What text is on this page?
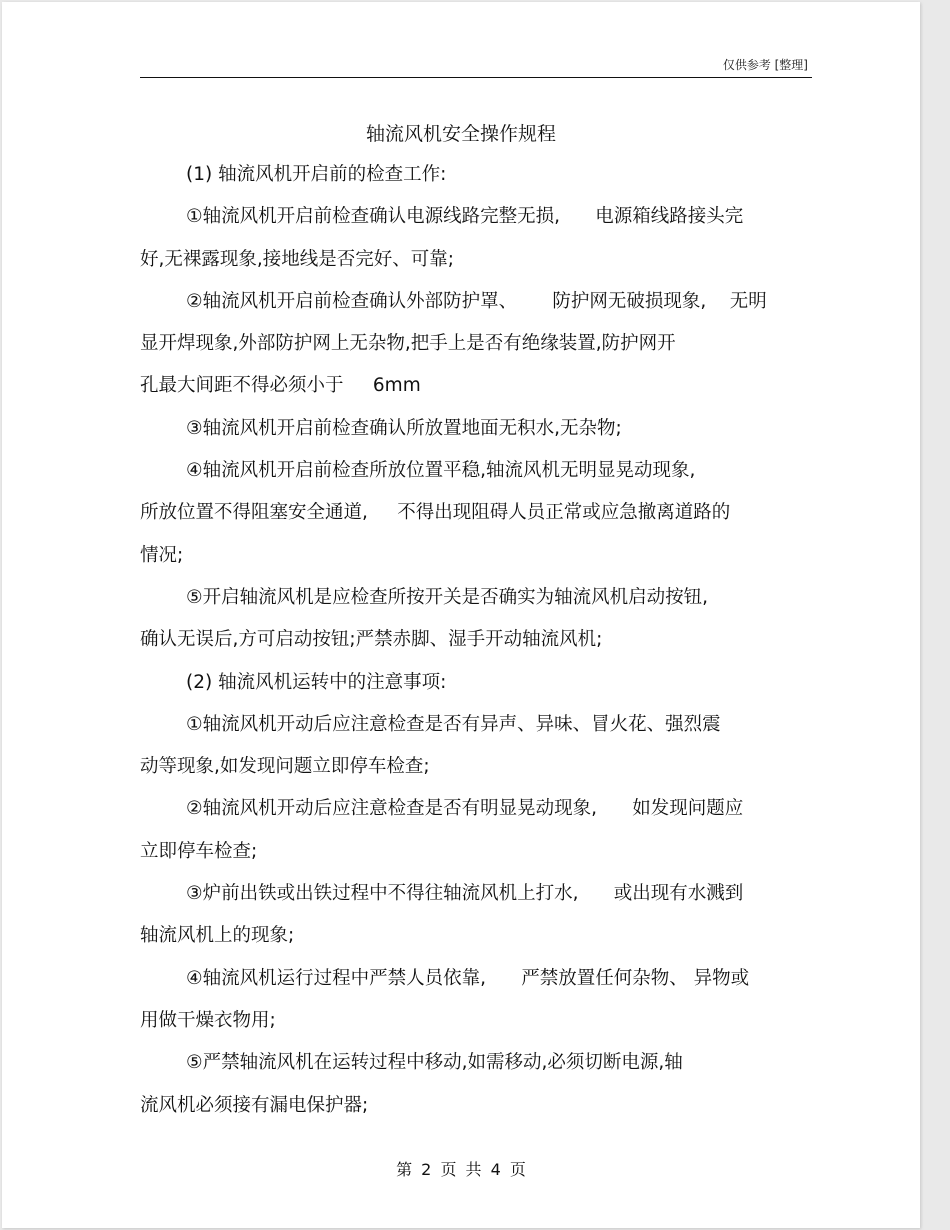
仅供参考 [整理]
轴流风机安全操作规程

(1) 轴流风机开启前的检查工作:

①轴流风机开启前检查确认电源线路完整无损,      电源箱线路接头完
好,无裸露现象,接地线是否完好、可靠;

②轴流风机开启前检查确认外部防护罩、      防护网无破损现象,    无明
显开焊现象,外部防护网上无杂物,把手上是否有绝缘装置,防护网开
孔最大间距不得必须小于     6mm

③轴流风机开启前检查确认所放置地面无积水,无杂物;

④轴流风机开启前检查所放位置平稳,轴流风机无明显晃动现象,
所放位置不得阻塞安全通道,     不得出现阻碍人员正常或应急撤离道路的
情况;

⑤开启轴流风机是应检查所按开关是否确实为轴流风机启动按钮,
确认无误后,方可启动按钮;严禁赤脚、湿手开动轴流风机;

(2) 轴流风机运转中的注意事项:

①轴流风机开动后应注意检查是否有异声、异味、冒火花、强烈震
动等现象,如发现问题立即停车检查;

②轴流风机开动后应注意检查是否有明显晃动现象,      如发现问题应
立即停车检查;

③炉前出铁或出铁过程中不得往轴流风机上打水,      或出现有水溅到
轴流风机上的现象;

④轴流风机运行过程中严禁人员依靠,      严禁放置任何杂物、 异物或
用做干燥衣物用;

⑤严禁轴流风机在运转过程中移动,如需移动,必须切断电源,轴
流风机必须接有漏电保护器;

第 2 页 共 4 页
